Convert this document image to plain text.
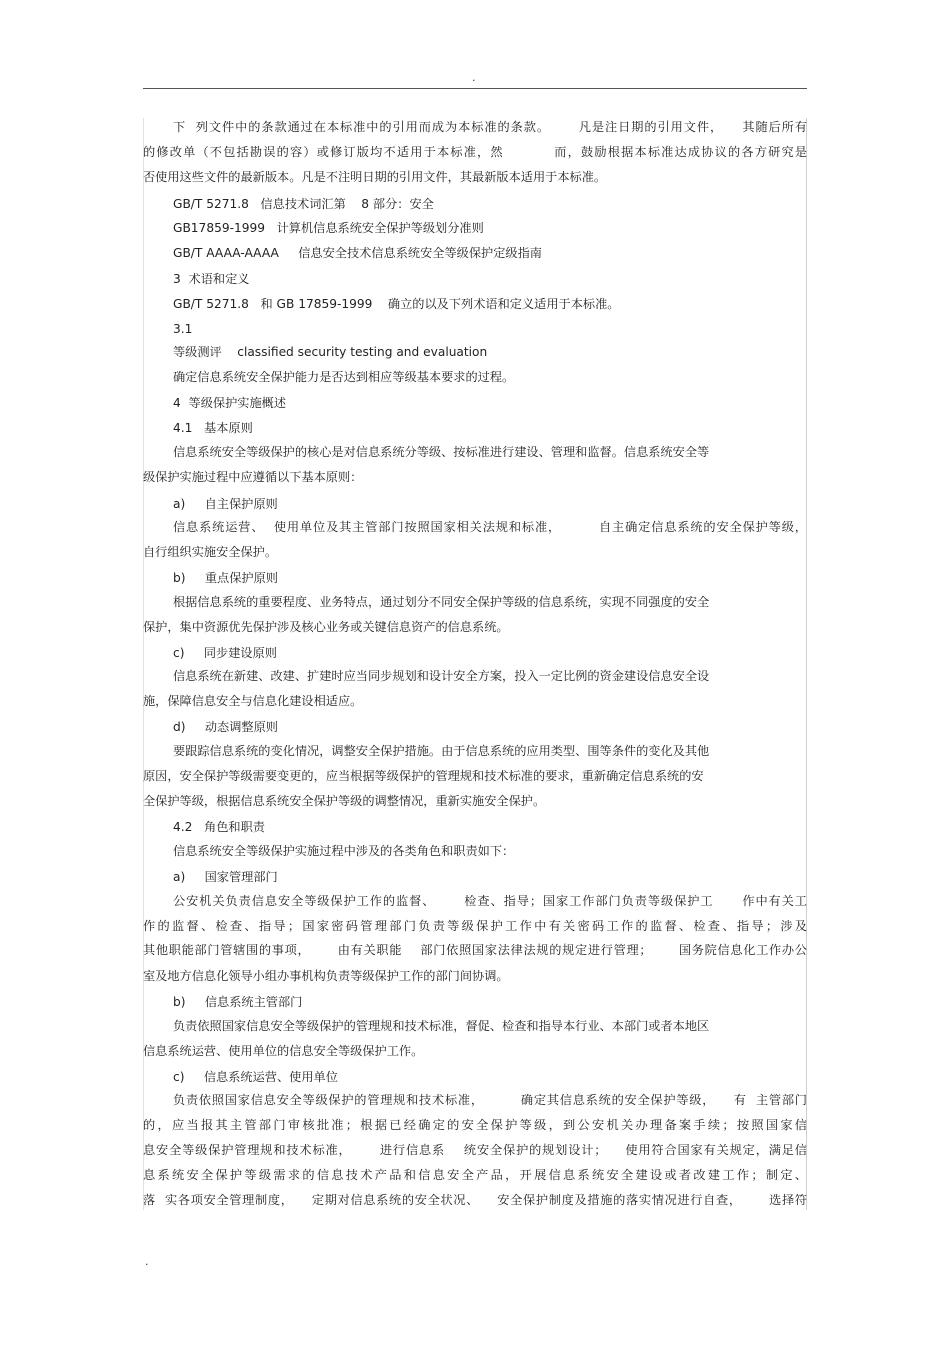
.
下  列文件中的条款通过在本标准中的引用而成为本标准的条款。      凡是注日期的引用文件，    其随后所有
的修改单（不包括勘误的容）或修订版均不适用于本标准，然          而，鼓励根据本标准达成协议的各方研究是
否使用这些文件的最新版本。凡是不注明日期的引用文件，其最新版本适用于本标准。
GB/T 5271.8   信息技术词汇第    8 部分：安全
GB17859-1999   计算机信息系统安全保护等级划分准则
GB/T AAAA-AAAA     信息安全技术信息系统安全等级保护定级指南
3  术语和定义
GB/T 5271.8   和 GB 17859-1999    确立的以及下列术语和定义适用于本标准。
3.1
等级测评    classified security testing and evaluation
确定信息系统安全保护能力是否达到相应等级基本要求的过程。
4  等级保护实施概述
4.1   基本原则
信息系统安全等级保护的核心是对信息系统分等级、按标准进行建设、管理和监督。信息系统安全等
级保护实施过程中应遵循以下基本原则：
a)     自主保护原则
信息系统运营、  使用单位及其主管部门按照国家相关法规和标准，        自主确定信息系统的安全保护等级，
自行组织实施安全保护。
b)     重点保护原则
根据信息系统的重要程度、业务特点，通过划分不同安全保护等级的信息系统，实现不同强度的安全
保护，集中资源优先保护涉及核心业务或关键信息资产的信息系统。
c)     同步建设原则
信息系统在新建、改建、扩建时应当同步规划和设计安全方案，投入一定比例的资金建设信息安全设
施，保障信息安全与信息化建设相适应。
d)     动态调整原则
要跟踪信息系统的变化情况，调整安全保护措施。由于信息系统的应用类型、围等条件的变化及其他
原因，安全保护等级需要变更的，应当根据等级保护的管理规和技术标准的要求，重新确定信息系统的安
全保护等级，根据信息系统安全保护等级的调整情况，重新实施安全保护。
4.2   角色和职责
信息系统安全等级保护实施过程中涉及的各类角色和职责如下：
a)     国家管理部门
公安机关负责信息安全等级保护工作的监督、      检查、指导；国家工作部门负责等级保护工      作中有关工
作的监督、检查、指导；国家密码管理部门负责等级保护工作中有关密码工作的监督、检查、指导；涉及
其他职能部门管辖围的事项，      由有关职能    部门依照国家法律法规的规定进行管理；      国务院信息化工作办公
室及地方信息化领导小组办事机构负责等级保护工作的部门间协调。
b)     信息系统主管部门
负责依照国家信息安全等级保护的管理规和技术标准，督促、检查和指导本行业、本部门或者本地区
信息系统运营、使用单位的信息安全等级保护工作。
c)     信息系统运营、使用单位
负责依照国家信息安全等级保护的管理规和技术标准，        确定其信息系统的安全保护等级，    有  主管部门
的，应当报其主管部门审核批准；根据已经确定的安全保护等级，到公安机关办理备案手续；按照国家信
息安全等级保护管理规和技术标准，      进行信息系    统安全保护的规划设计；    使用符合国家有关规定，满足信
息系统安全保护等级需求的信息技术产品和信息安全产品，开展信息系统安全建设或者改建工作；制定、
落  实各项安全管理制度，    定期对信息系统的安全状况、    安全保护制度及措施的落实情况进行自查，      选择符
.
